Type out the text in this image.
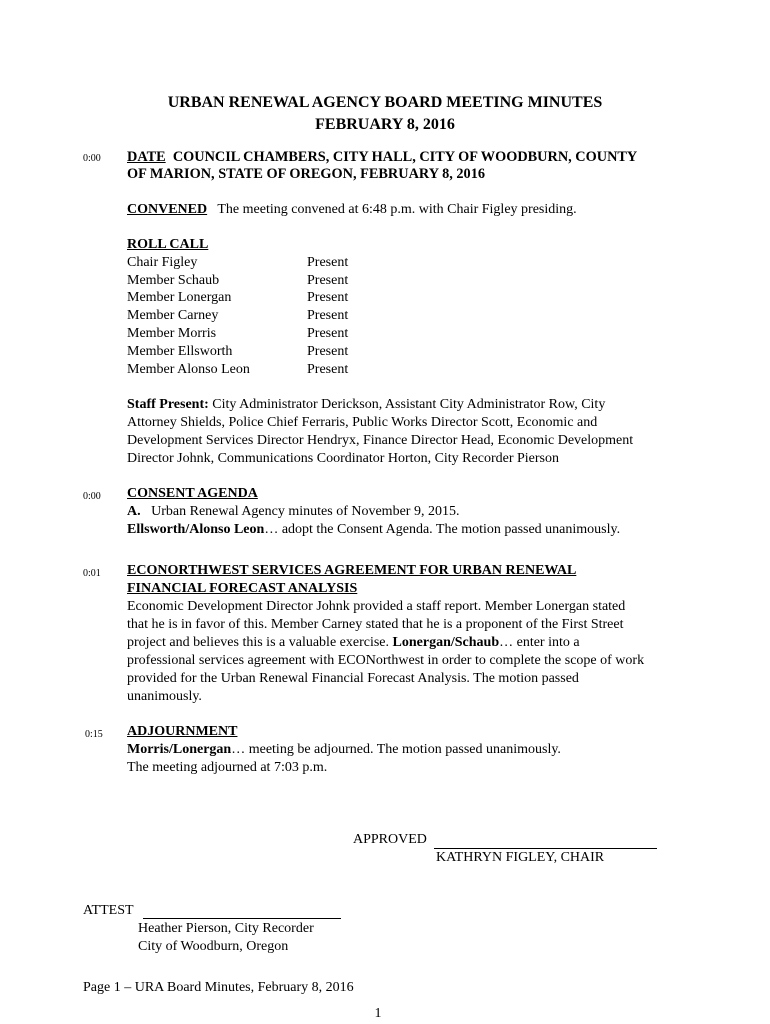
URBAN RENEWAL AGENCY BOARD MEETING MINUTES
FEBRUARY 8, 2016
0:00 DATE COUNCIL CHAMBERS, CITY HALL, CITY OF WOODBURN, COUNTY
OF MARION, STATE OF OREGON, FEBRUARY 8, 2016
CONVENED The meeting convened at 6:48 p.m. with Chair Figley presiding.
ROLL CALL
Chair Figley	Present
Member Schaub	Present
Member Lonergan	Present
Member Carney	Present
Member Morris	Present
Member Ellsworth	Present
Member Alonso Leon	Present
Staff Present: City Administrator Derickson, Assistant City Administrator Row, City
Attorney Shields, Police Chief Ferraris, Public Works Director Scott, Economic and
Development Services Director Hendryx, Finance Director Head, Economic Development
Director Johnk, Communications Coordinator Horton, City Recorder Pierson
0:00 CONSENT AGENDA
A. Urban Renewal Agency minutes of November 9, 2015.
Ellsworth/Alonso Leon… adopt the Consent Agenda. The motion passed unanimously.
0:01 ECONORTHWEST SERVICES AGREEMENT FOR URBAN RENEWAL
FINANCIAL FORECAST ANALYSIS
Economic Development Director Johnk provided a staff report. Member Lonergan stated
that he is in favor of this. Member Carney stated that he is a proponent of the First Street
project and believes this is a valuable exercise. Lonergan/Schaub… enter into a
professional services agreement with ECONorthwest in order to complete the scope of work
provided for the Urban Renewal Financial Forecast Analysis. The motion passed
unanimously.
0:15 ADJOURNMENT
Morris/Lonergan… meeting be adjourned. The motion passed unanimously.
The meeting adjourned at 7:03 p.m.
APPROVED
KATHRYN FIGLEY, CHAIR
ATTEST
Heather Pierson, City Recorder
City of Woodburn, Oregon
Page 1 – URA Board Minutes, February 8, 2016
1
